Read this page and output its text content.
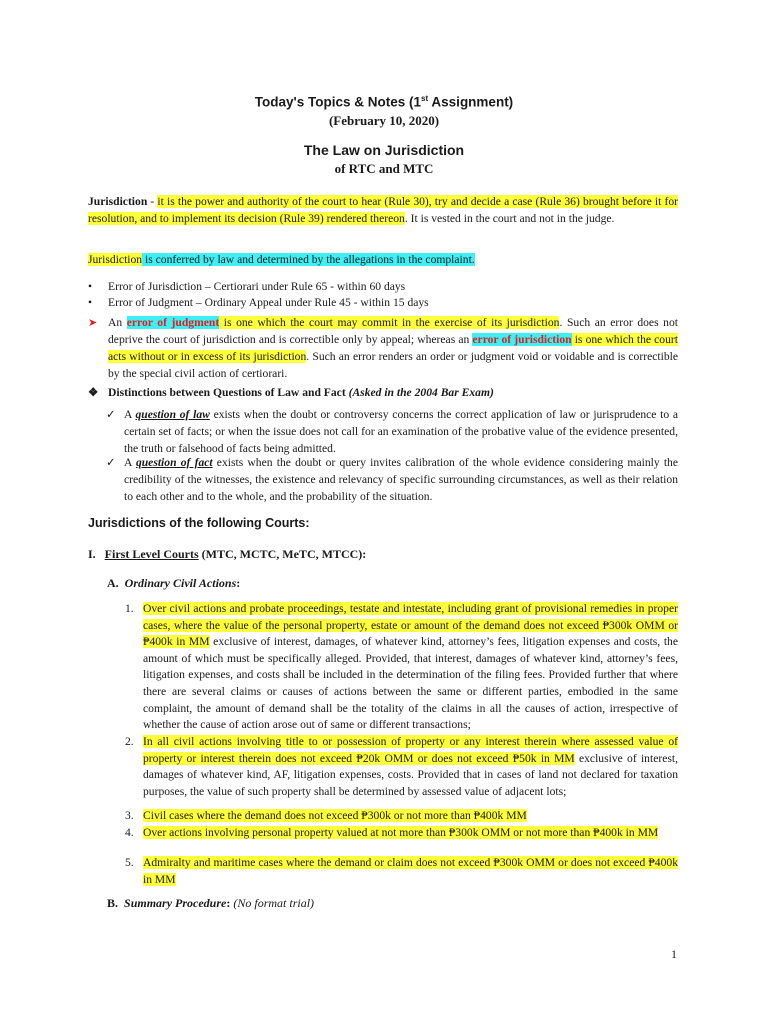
Today's Topics & Notes (1st Assignment)
(February 10, 2020)
The Law on Jurisdiction
of RTC and MTC
Jurisdiction - it is the power and authority of the court to hear (Rule 30), try and decide a case (Rule 36) brought before it for resolution, and to implement its decision (Rule 39) rendered thereon. It is vested in the court and not in the judge.
Jurisdiction is conferred by law and determined by the allegations in the complaint.
• Error of Jurisdiction – Certiorari under Rule 65 - within 60 days
• Error of Judgment – Ordinary Appeal under Rule 45 - within 15 days
➤ An error of judgment is one which the court may commit in the exercise of its jurisdiction. Such an error does not deprive the court of jurisdiction and is correctible only by appeal; whereas an error of jurisdiction is one which the court acts without or in excess of its jurisdiction. Such an error renders an order or judgment void or voidable and is correctible by the special civil action of certiorari.
❖ Distinctions between Questions of Law and Fact (Asked in the 2004 Bar Exam)
✓ A question of law exists when the doubt or controversy concerns the correct application of law or jurisprudence to a certain set of facts; or when the issue does not call for an examination of the probative value of the evidence presented, the truth or falsehood of facts being admitted.
✓ A question of fact exists when the doubt or query invites calibration of the whole evidence considering mainly the credibility of the witnesses, the existence and relevancy of specific surrounding circumstances, as well as their relation to each other and to the whole, and the probability of the situation.
Jurisdictions of the following Courts:
I. First Level Courts (MTC, MCTC, MeTC, MTCC):
A. Ordinary Civil Actions:
1. Over civil actions and probate proceedings, testate and intestate, including grant of provisional remedies in proper cases, where the value of the personal property, estate or amount of the demand does not exceed ₱300k OMM or ₱400k in MM exclusive of interest, damages, of whatever kind, attorney’s fees, litigation expenses and costs, the amount of which must be specifically alleged. Provided, that interest, damages of whatever kind, attorney’s fees, litigation expenses, and costs shall be included in the determination of the filing fees. Provided further that where there are several claims or causes of actions between the same or different parties, embodied in the same complaint, the amount of demand shall be the totality of the claims in all the causes of action, irrespective of whether the cause of action arose out of same or different transactions;
2. In all civil actions involving title to or possession of property or any interest therein where assessed value of property or interest therein does not exceed ₱20k OMM or does not exceed ₱50k in MM exclusive of interest, damages of whatever kind, AF, litigation expenses, costs. Provided that in cases of land not declared for taxation purposes, the value of such property shall be determined by assessed value of adjacent lots;
3. Civil cases where the demand does not exceed ₱300k or not more than ₱400k MM
4. Over actions involving personal property valued at not more than ₱300k OMM or not more than ₱400k in MM
5. Admiralty and maritime cases where the demand or claim does not exceed ₱300k OMM or does not exceed ₱400k in MM
B. Summary Procedure: (No format trial)
1
